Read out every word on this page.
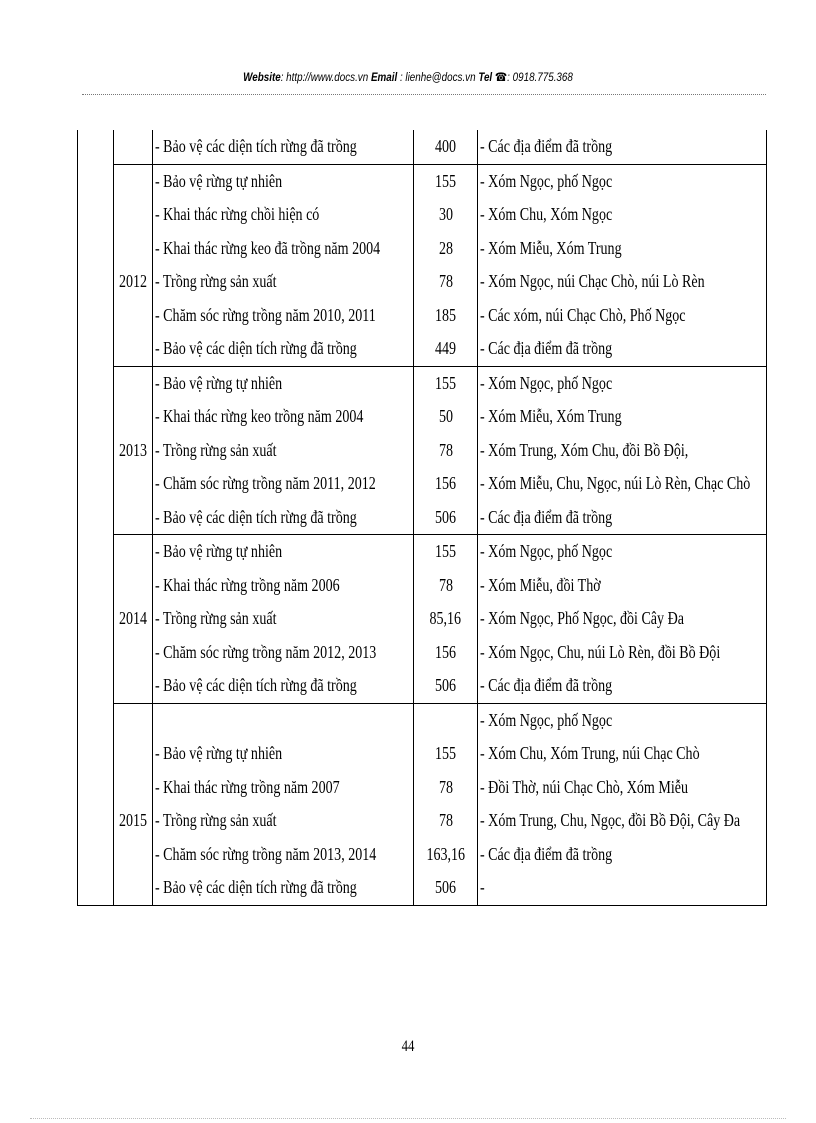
Website: http://www.docs.vn Email : lienhe@docs.vn Tel ☎: 0918.775.368
		- Bảo vệ các diện tích rừng đã trồng	400	- Các địa điểm đã trồng
		- Bảo vệ rừng tự nhiên	155	- Xóm Ngọc, phố Ngọc
		- Khai thác rừng chồi hiện có	30	- Xóm Chu, Xóm Ngọc
		- Khai thác rừng keo đã trồng năm 2004	28	- Xóm Miễu, Xóm Trung
	2012	- Trồng rừng sản xuất	78	- Xóm Ngọc, núi Chạc Chò, núi Lò Rèn
		- Chăm sóc rừng trồng năm 2010, 2011	185	- Các xóm, núi Chạc Chò, Phố Ngọc
		- Bảo vệ các diện tích rừng đã trồng	449	- Các địa điểm đã trồng
		- Bảo vệ rừng tự nhiên	155	- Xóm Ngọc, phố Ngọc
		- Khai thác rừng keo trồng năm 2004	50	- Xóm Miễu, Xóm Trung
	2013	- Trồng rừng sản xuất	78	- Xóm Trung, Xóm Chu, đồi Bồ Đội,
		- Chăm sóc rừng trồng năm 2011, 2012	156	- Xóm Miễu, Chu, Ngọc, núi Lò Rèn, Chạc Chò
		- Bảo vệ các diện tích rừng đã trồng	506	- Các địa điểm đã trồng
		- Bảo vệ rừng tự nhiên	155	- Xóm Ngọc, phố Ngọc
		- Khai thác rừng trồng năm 2006	78	- Xóm Miễu, đồi Thờ
	2014	- Trồng rừng sản xuất	85,16	- Xóm Ngọc, Phố Ngọc, đồi Cây Đa
		- Chăm sóc rừng trồng năm 2012, 2013	156	- Xóm Ngọc, Chu, núi Lò Rèn, đồi Bồ Đội
		- Bảo vệ các diện tích rừng đã trồng	506	- Các địa điểm đã trồng
				- Xóm Ngọc, phố Ngọc
		- Bảo vệ rừng tự nhiên	155	- Xóm Chu, Xóm Trung, núi Chạc Chò
		- Khai thác rừng trồng năm 2007	78	- Đồi Thờ, núi Chạc Chò, Xóm Miễu
	2015	- Trồng rừng sản xuất	78	- Xóm Trung, Chu, Ngọc, đồi Bồ Đội, Cây Đa
		- Chăm sóc rừng trồng năm 2013, 2014	163,16	- Các địa điểm đã trồng
		- Bảo vệ các diện tích rừng đã trồng	506	-
44
